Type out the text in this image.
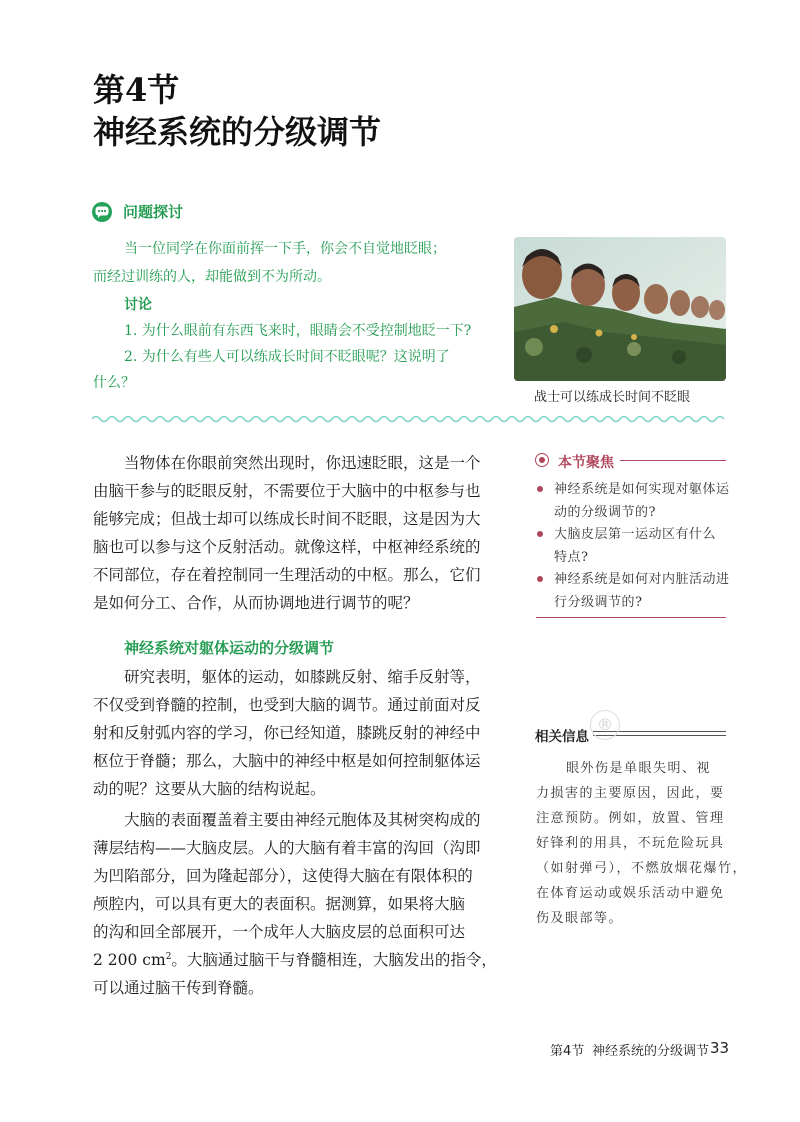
第4节
神经系统的分级调节
问题探讨
当一位同学在你面前挥一下手，你会不自觉地眨眼；
而经过训练的人，却能做到不为所动。
讨论
1. 为什么眼前有东西飞来时，眼睛会不受控制地眨一下?
2. 为什么有些人可以练成长时间不眨眼呢？这说明了
什么？
战士可以练成长时间不眨眼
当物体在你眼前突然出现时，你迅速眨眼，这是一个
由脑干参与的眨眼反射，不需要位于大脑中的中枢参与也
能够完成；但战士却可以练成长时间不眨眼，这是因为大
脑也可以参与这个反射活动。就像这样，中枢神经系统的
不同部位，存在着控制同一生理活动的中枢。那么，它们
是如何分工、合作，从而协调地进行调节的呢？
神经系统对躯体运动的分级调节
研究表明，躯体的运动，如膝跳反射、缩手反射等，
不仅受到脊髓的控制，也受到大脑的调节。通过前面对反
射和反射弧内容的学习，你已经知道，膝跳反射的神经中
枢位于脊髓；那么，大脑中的神经中枢是如何控制躯体运
动的呢？这要从大脑的结构说起。
大脑的表面覆盖着主要由神经元胞体及其树突构成的
薄层结构——大脑皮层。人的大脑有着丰富的沟回（沟即
为凹陷部分，回为隆起部分），这使得大脑在有限体积的
颅腔内，可以具有更大的表面积。据测算，如果将大脑
的沟和回全部展开，一个成年人大脑皮层的总面积可达
2 200 $cm^2$。大脑通过脑干与脊髓相连，大脑发出的指令，
可以通过脑干传到脊髓。
本节聚焦
神经系统是如何实现对躯体运
动的分级调节的?
大脑皮层第一运动区有什么
特点?
神经系统是如何对内脏活动进
行分级调节的?
相关信息
®
眼外伤是单眼失明、视
力损害的主要原因，因此，要
注意预防。例如，放置、管理
好锋利的用具，不玩危险玩具
（如射弹弓），不燃放烟花爆竹，
在体育运动或娱乐活动中避免
伤及眼部等。
第4节 神经系统的分级调节 33
